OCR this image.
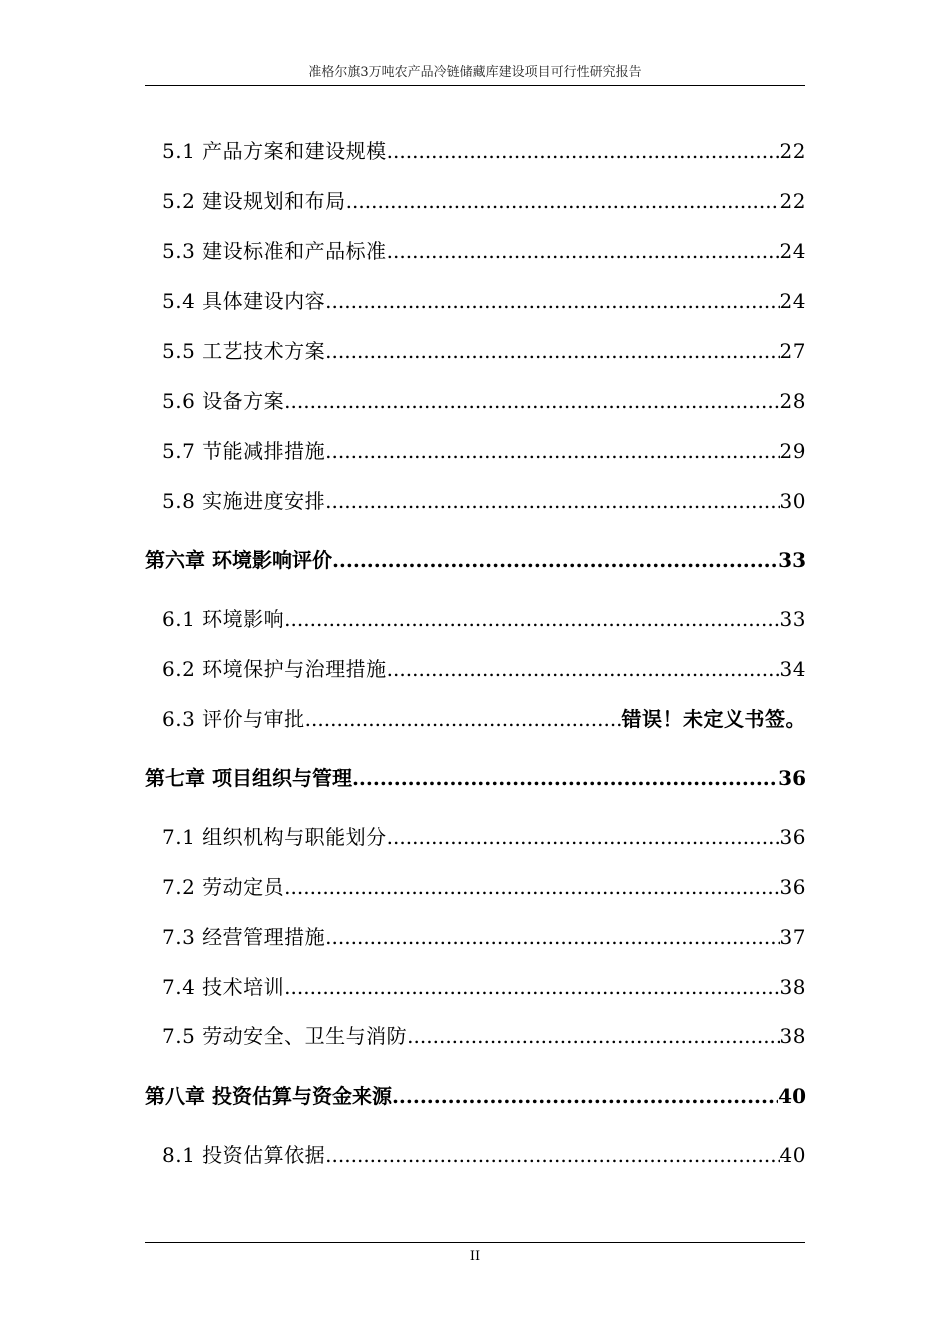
准格尔旗3万吨农产品冷链储藏库建设项目可行性研究报告
5.1 产品方案和建设规模 .....	22
5.2 建设规划和布局 .....	22
5.3 建设标准和产品标准 .....	24
5.4 具体建设内容 .....	24
5.5 工艺技术方案 .....	27
5.6 设备方案 .....	28
5.7 节能减排措施 .....	29
5.8 实施进度安排 .....	30
第六章 环境影响评价 .....	33
6.1 环境影响 .....	33
6.2 环境保护与治理措施 .....	34
6.3 评价与审批 .....	错误！未定义书签。
第七章 项目组织与管理 .....	36
7.1 组织机构与职能划分 .....	36
7.2 劳动定员 .....	36
7.3 经营管理措施 .....	37
7.4 技术培训 .....	38
7.5 劳动安全、卫生与消防 .....	38
第八章 投资估算与资金来源 .....	40
8.1 投资估算依据 .....	40
II
